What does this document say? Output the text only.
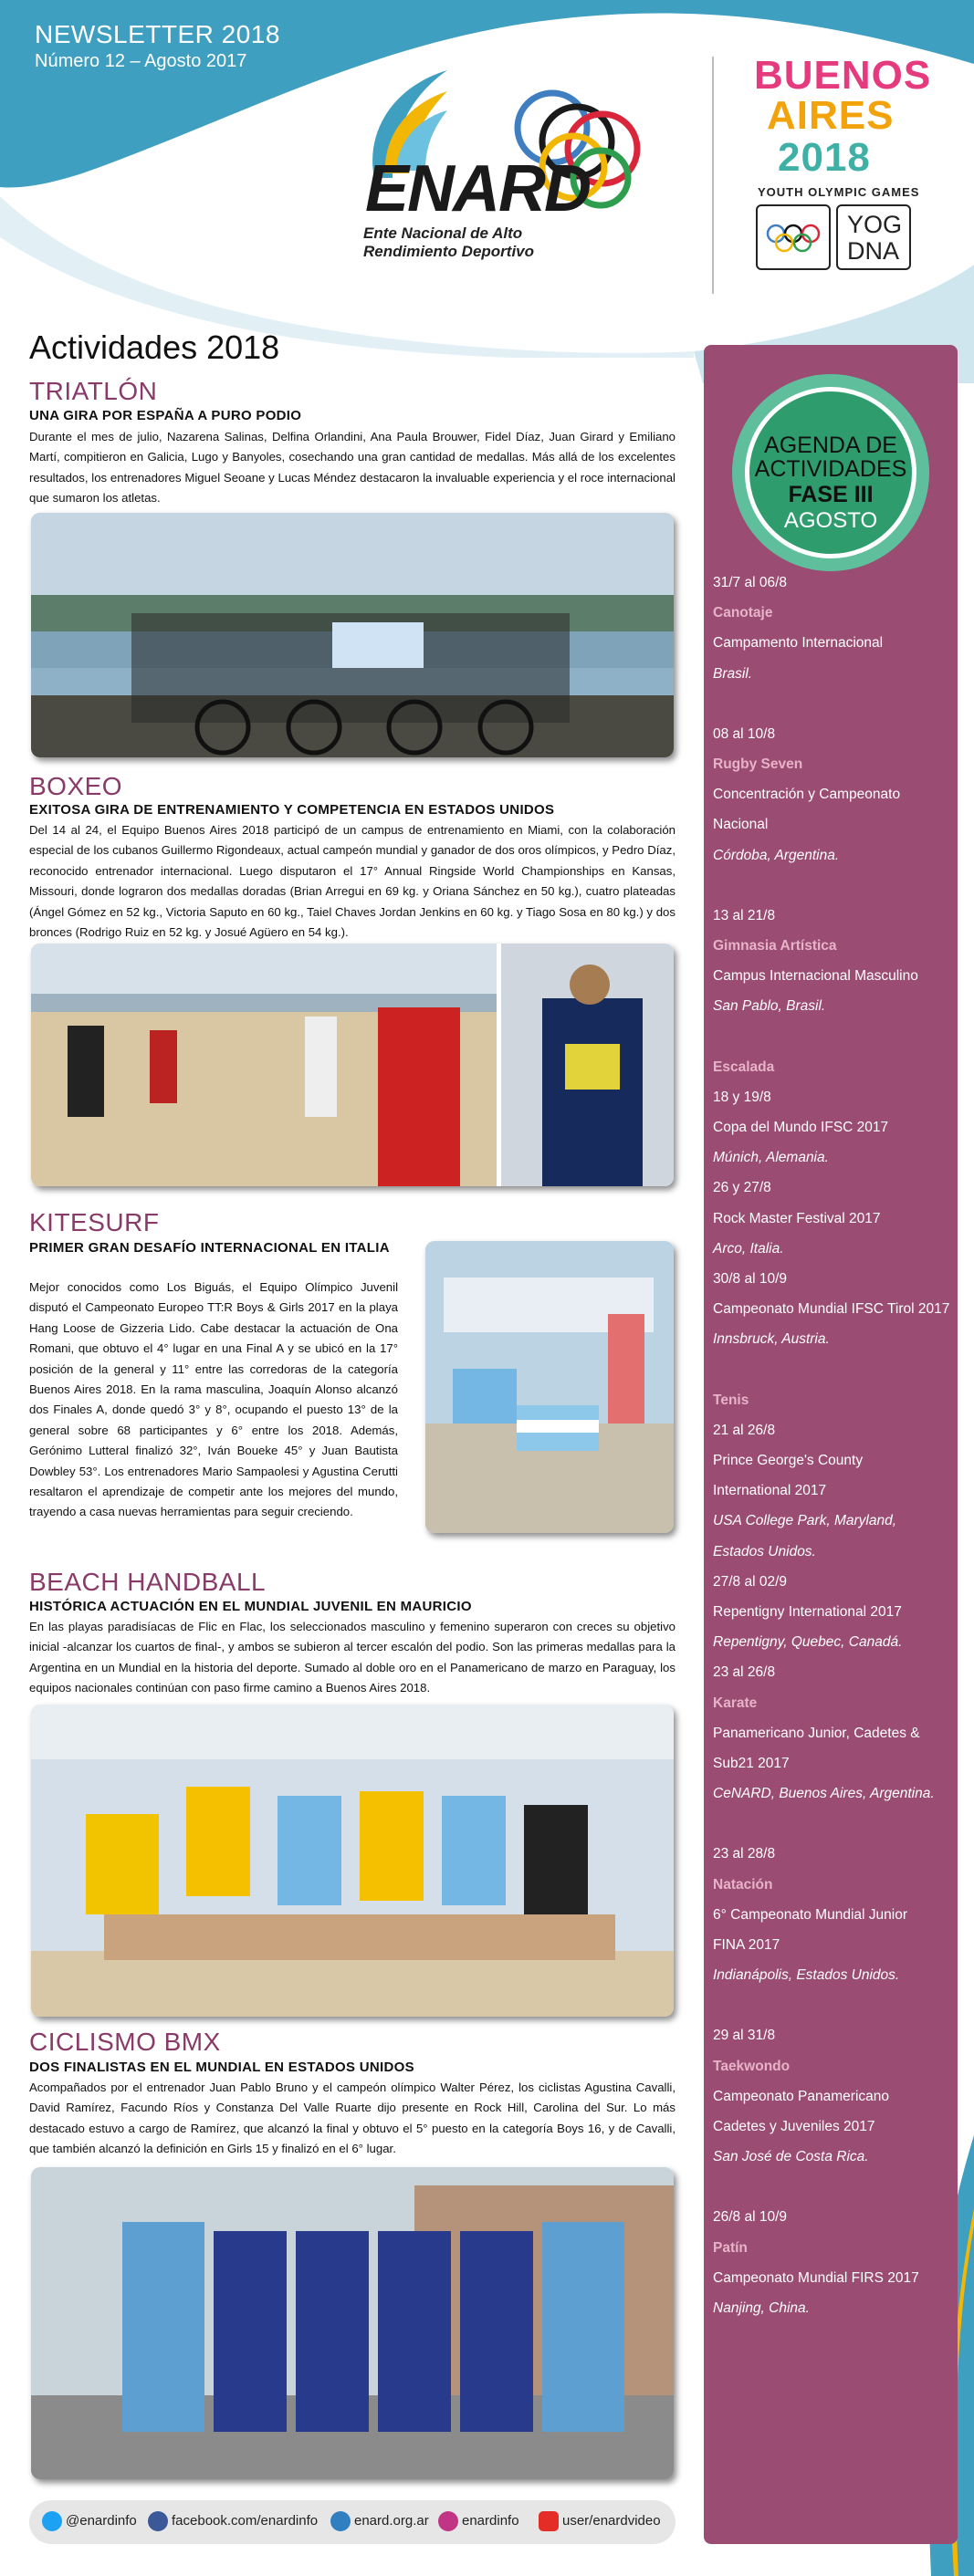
NEWSLETTER 2018
Número 12 – Agosto 2017
ENARD
Ente Nacional de Alto
Rendimiento Deportivo
BUENOS
AIRES
2018
YOUTH OLYMPIC GAMES
YOG
DNA
Actividades 2018
TRIATLÓN
UNA GIRA POR ESPAÑA A PURO PODIO
Durante el mes de julio, Nazarena Salinas, Delfina Orlandini, Ana Paula Brouwer, Fidel Díaz, Juan Girard y Emiliano Martí, compitieron en Galicia, Lugo y Banyoles, cosechando una gran cantidad de medallas. Más allá de los excelentes resultados, los entrenadores Miguel Seoane y Lucas Méndez destacaron la invaluable experiencia y el roce internacional que sumaron los atletas.
BOXEO
EXITOSA GIRA DE ENTRENAMIENTO Y COMPETENCIA EN ESTADOS UNIDOS
Del 14 al 24, el Equipo Buenos Aires 2018 participó de un campus de entrenamiento en Miami, con la colaboración especial de los cubanos Guillermo Rigondeaux, actual campeón mundial y ganador de dos oros olímpicos, y Pedro Díaz, reconocido entrenador internacional. Luego disputaron el 17° Annual Ringside World Championships en Kansas, Missouri, donde lograron dos medallas doradas (Brian Arregui en 69 kg. y Oriana Sánchez en 50 kg.), cuatro plateadas (Ángel Gómez en 52 kg., Victoria Saputo en 60 kg., Taiel Chaves Jordan Jenkins en 60 kg. y Tiago Sosa en 80 kg.) y dos bronces (Rodrigo Ruiz en 52 kg. y Josué Agüero en 54 kg.).
KITESURF
PRIMER GRAN DESAFÍO INTERNACIONAL EN ITALIA
Mejor conocidos como Los Biguás, el Equipo Olímpico Juvenil disputó el Campeonato Europeo TT:R Boys & Girls 2017 en la playa Hang Loose de Gizzeria Lido. Cabe destacar la actuación de Ona Romani, que obtuvo el 4° lugar en una Final A y se ubicó en la 17° posición de la general y 11° entre las corredoras de la categoría Buenos Aires 2018. En la rama masculina, Joaquín Alonso alcanzó dos Finales A, donde quedó 3° y 8°, ocupando el puesto 13° de la general sobre 68 participantes y 6° entre los 2018. Además, Gerónimo Lutteral finalizó 32°, Iván Boueke 45° y Juan Bautista Dowbley 53°. Los entrenadores Mario Sampaolesi y Agustina Cerutti resaltaron el aprendizaje de competir ante los mejores del mundo, trayendo a casa nuevas herramientas para seguir creciendo.
BEACH HANDBALL
HISTÓRICA ACTUACIÓN EN EL MUNDIAL JUVENIL EN MAURICIO
En las playas paradisíacas de Flic en Flac, los seleccionados masculino y femenino superaron con creces su objetivo inicial -alcanzar los cuartos de final-, y ambos se subieron al tercer escalón del podio. Son las primeras medallas para la Argentina en un Mundial en la historia del deporte. Sumado al doble oro en el Panamericano de marzo en Paraguay, los equipos nacionales continúan con paso firme camino a Buenos Aires 2018.
CICLISMO BMX
DOS FINALISTAS EN EL MUNDIAL EN ESTADOS UNIDOS
Acompañados por el entrenador Juan Pablo Bruno y el campeón olímpico Walter Pérez, los ciclistas Agustina Cavalli, David Ramírez, Facundo Ríos y Constanza Del Valle Ruarte dijo presente en Rock Hill, Carolina del Sur. Lo más destacado estuvo a cargo de Ramírez, que alcanzó la final y obtuvo el 5° puesto en la categoría Boys 16, y de Cavalli, que también alcanzó la definición en Girls 15 y finalizó en el 6° lugar.
AGENDA DE
ACTIVIDADES
FASE III
AGOSTO
31/7 al 06/8
Canotaje
Campamento Internacional
Brasil.
08 al 10/8
Rugby Seven
Concentración y Campeonato
Nacional
Córdoba, Argentina.
13 al 21/8
Gimnasia Artística
Campus Internacional Masculino
San Pablo, Brasil.
Escalada
18 y 19/8
Copa del Mundo IFSC 2017
Múnich, Alemania.
26 y 27/8
Rock Master Festival 2017
Arco, Italia.
30/8 al 10/9
Campeonato Mundial IFSC Tirol 2017
Innsbruck, Austria.
Tenis
21 al 26/8
Prince George's County
International 2017
USA College Park, Maryland,
Estados Unidos.
27/8 al 02/9
Repentigny International 2017
Repentigny, Quebec, Canadá.
23 al 26/8
Karate
Panamericano Junior, Cadetes &
Sub21 2017
CeNARD, Buenos Aires, Argentina.
23 al 28/8
Natación
6° Campeonato Mundial Junior
FINA 2017
Indianápolis, Estados Unidos.
29 al 31/8
Taekwondo
Campeonato Panamericano
Cadetes y Juveniles 2017
San José de Costa Rica.
26/8 al 10/9
Patín
Campeonato Mundial FIRS 2017
Nanjing, China.
@enardinfo	facebook.com/enardinfo	enard.org.ar enardinfo	user/enardvideo
